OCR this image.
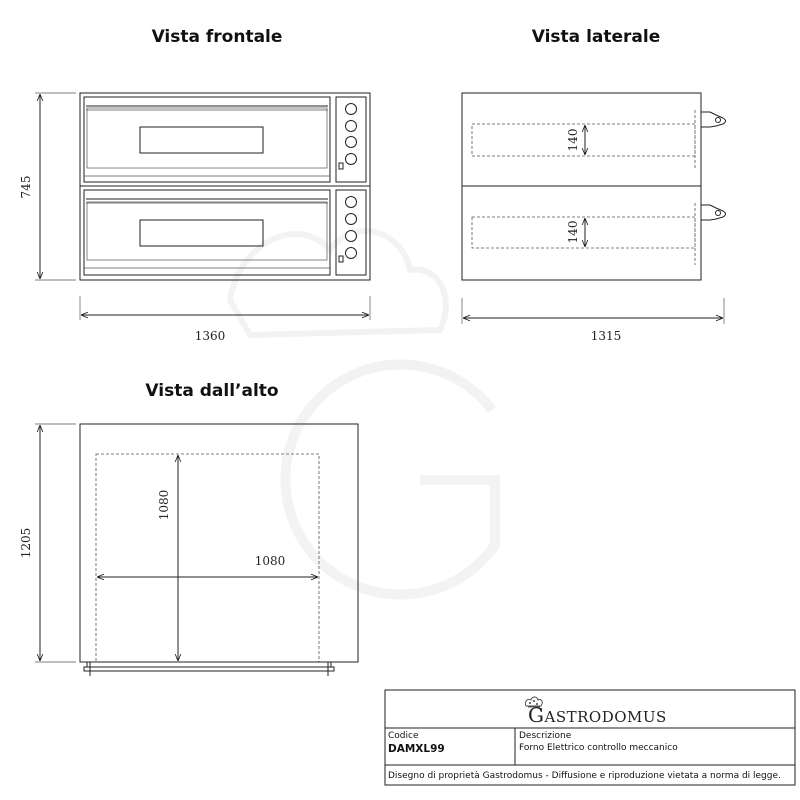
Vista frontale
745
1360
Vista laterale
140
140
1315
Vista dall’alto
1080
1080
1205
GASTRODOMUS
Codice
DAMXL99
Descrizione
Forno Elettrico controllo meccanico
Disegno di proprietà Gastrodomus - Diffusione e riproduzione vietata a norma di legge.
